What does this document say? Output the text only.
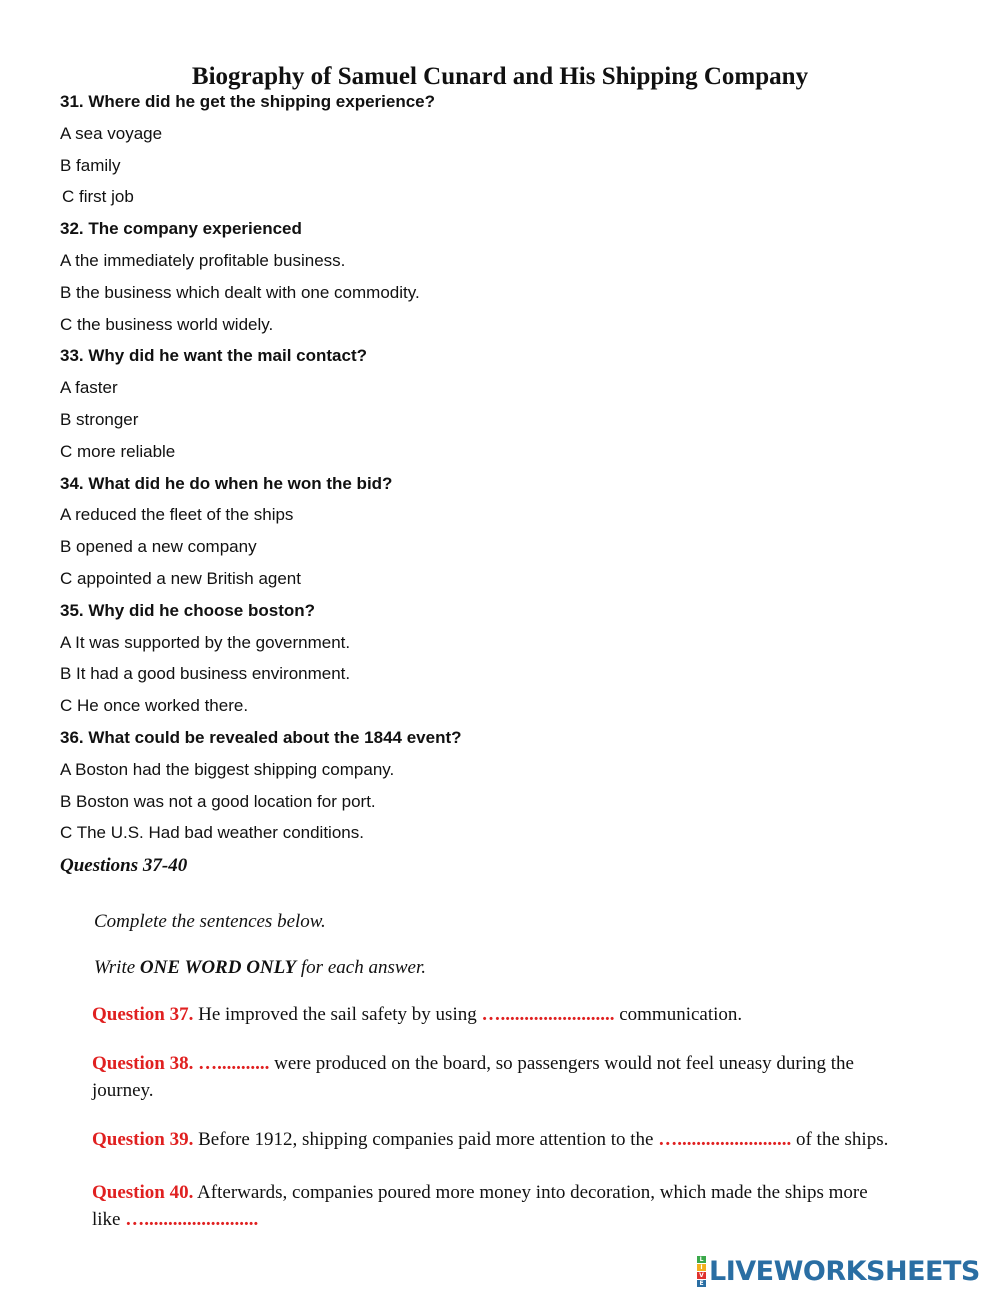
Biography of Samuel Cunard and His Shipping Company
31. Where did he get the shipping experience?
A sea voyage
B family
C first job
32. The company experienced
A the immediately profitable business.
B the business which dealt with one commodity.
C the business world widely.
33. Why did he want the mail contact?
A faster
B stronger
C more reliable
34. What did he do when he won the bid?
A reduced the fleet of the ships
B opened a new company
C appointed a new British agent
35. Why did he choose boston?
A It was supported by the government.
B It had a good business environment.
C He once worked there.
36. What could be revealed about the 1844 event?
A Boston had the biggest shipping company.
B Boston was not a good location for port.
C The U.S. Had bad weather conditions.
Questions 37-40
Complete the sentences below.
Write ONE WORD ONLY for each answer.
Question 37. He improved the sail safety by using …........................ communication.
Question 38. …........... were produced on the board, so passengers would not feel uneasy during the journey.
Question 39. Before 1912, shipping companies paid more attention to the …........................ of the ships.
Question 40. Afterwards, companies poured more money into decoration, which made the ships more like …........................
L
I
V
E LIVEWORKSHEETS
